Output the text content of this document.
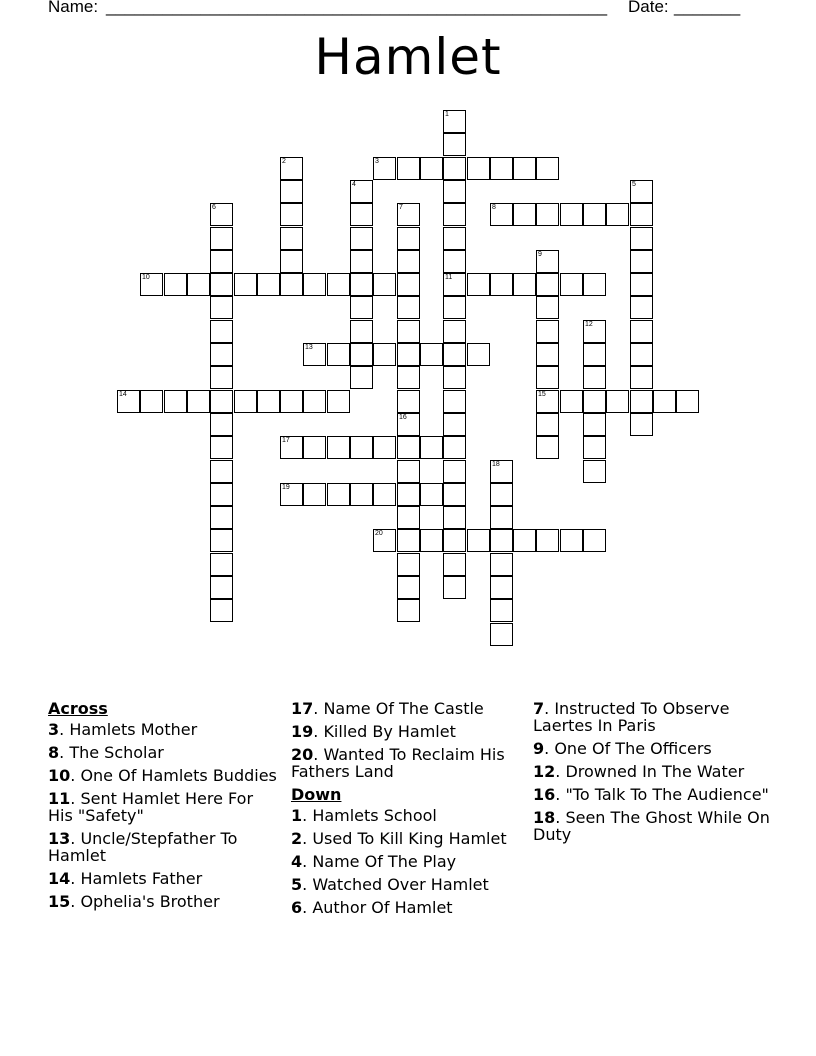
Name: _____________________________________________________ Date: _______
Hamlet
1
11
2	3
4	5
6	7	8
9
15
10
12
13
14
16
17
18
19
20
Across
3. Hamlets Mother
8. The Scholar
10. One Of Hamlets Buddies
11. Sent Hamlet Here For His "Safety"
13. Uncle/Stepfather To Hamlet
14. Hamlets Father
15. Ophelia's Brother
17. Name Of The Castle
19. Killed By Hamlet
20. Wanted To Reclaim His Fathers Land
Down
1. Hamlets School
2. Used To Kill King Hamlet
4. Name Of The Play
5. Watched Over Hamlet
6. Author Of Hamlet
7. Instructed To Observe Laertes In Paris
9. One Of The Officers
12. Drowned In The Water
16. "To Talk To The Audience"
18. Seen The Ghost While On Duty
